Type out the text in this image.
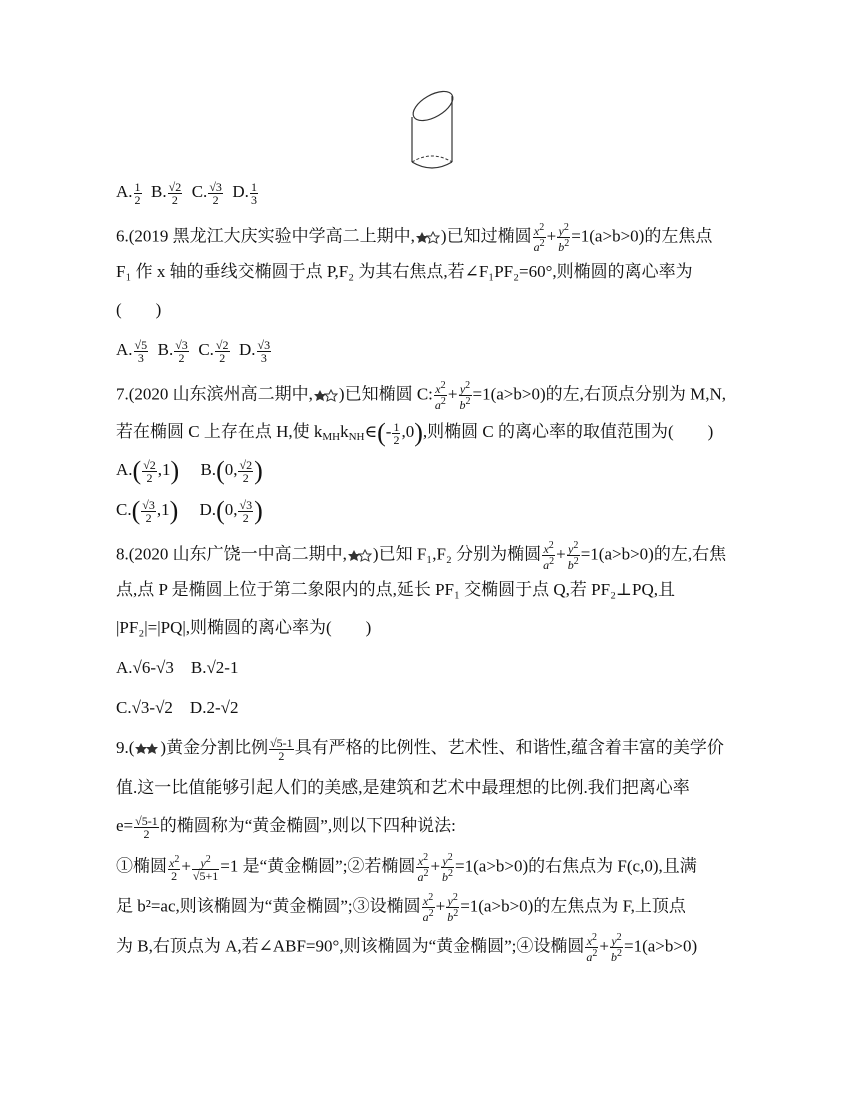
A. $\frac{1}{2} B$. $\frac{√2}{2} C$. $\frac{√3}{2} D$. $\frac{1}{3}$
6.(2019 黑龙江大庆实验中学高二上期中, )已知过椭圆 $\frac{x^2}{a^2} + \frac{y^2}{b^2} =1(a>b>0)$的左焦点
F₁ 作 x 轴的垂线交椭圆于点 P,F₂ 为其右焦点,若∠F₁PF₂=60°,则椭圆的离心率为
(　　)
A. $\frac{√5}{3} B$. $\frac{√3}{2} C$. $\frac{√2}{2} D$. $\frac{√3}{3}$
7.(2020 山东滨州高二期中, )已知椭圆 C: $\frac{x^2}{a^2} + \frac{y^2}{b^2} =1(a>b>0)$的左,右顶点分别为 M,N,
若在椭圆 C 上存在点 H,使 $k_{MH}k_{NH}\in(- \frac{1}{2} ,0)$,则椭圆 C 的离心率的取值范围为(　　)
$A.( \frac{√2}{2} ,1)$ B.(0, $\frac{√2}{2}$ )
$C.( \frac{√3}{2} ,1)$ D.(0, $\frac{√3}{2}$ )
8.(2020 山东广饶一中高二期中, )已知 F₁,F₂ 分别为椭圆 $\frac{x^2}{a^2} + \frac{y^2}{b^2} =1(a>b>0)$的左,右焦
点,点 P 是椭圆上位于第二象限内的点,延长 PF₁ 交椭圆于点 Q,若 PF₂⊥PQ,且
|PF₂|=|PQ|,则椭圆的离心率为(　　)
A.√6-√3 B.√2-1
C.√3-√2 D.2-√2
9.( )黄金分割比例 $\frac{√5-1}{2}$ 具有严格的比例性、艺术性、和谐性,蕴含着丰富的美学价
值.这一比值能够引起人们的美感,是建筑和艺术中最理想的比例.我们把离心率
$e= \frac{√5-1}{2}$ 的椭圆称为“黄金椭圆”,则以下四种说法:
①椭圆 $\frac{x^2}{2} + \frac{y^2}{√5+1} =1$ 是“黄金椭圆”;②若椭圆 $\frac{x^2}{a^2} + \frac{y^2}{b^2} =1(a>b>0)$的右焦点为 F(c,0),且满
足 b²=ac,则该椭圆为“黄金椭圆”;③设椭圆 $\frac{x^2}{a^2} + \frac{y^2}{b^2} =1(a>b>0)$的左焦点为 F,上顶点
为 B,右顶点为 A,若∠ABF=90°,则该椭圆为“黄金椭圆”;④设椭圆 $\frac{x^2}{a^2} + \frac{y^2}{b^2} =1(a>b>0)$
